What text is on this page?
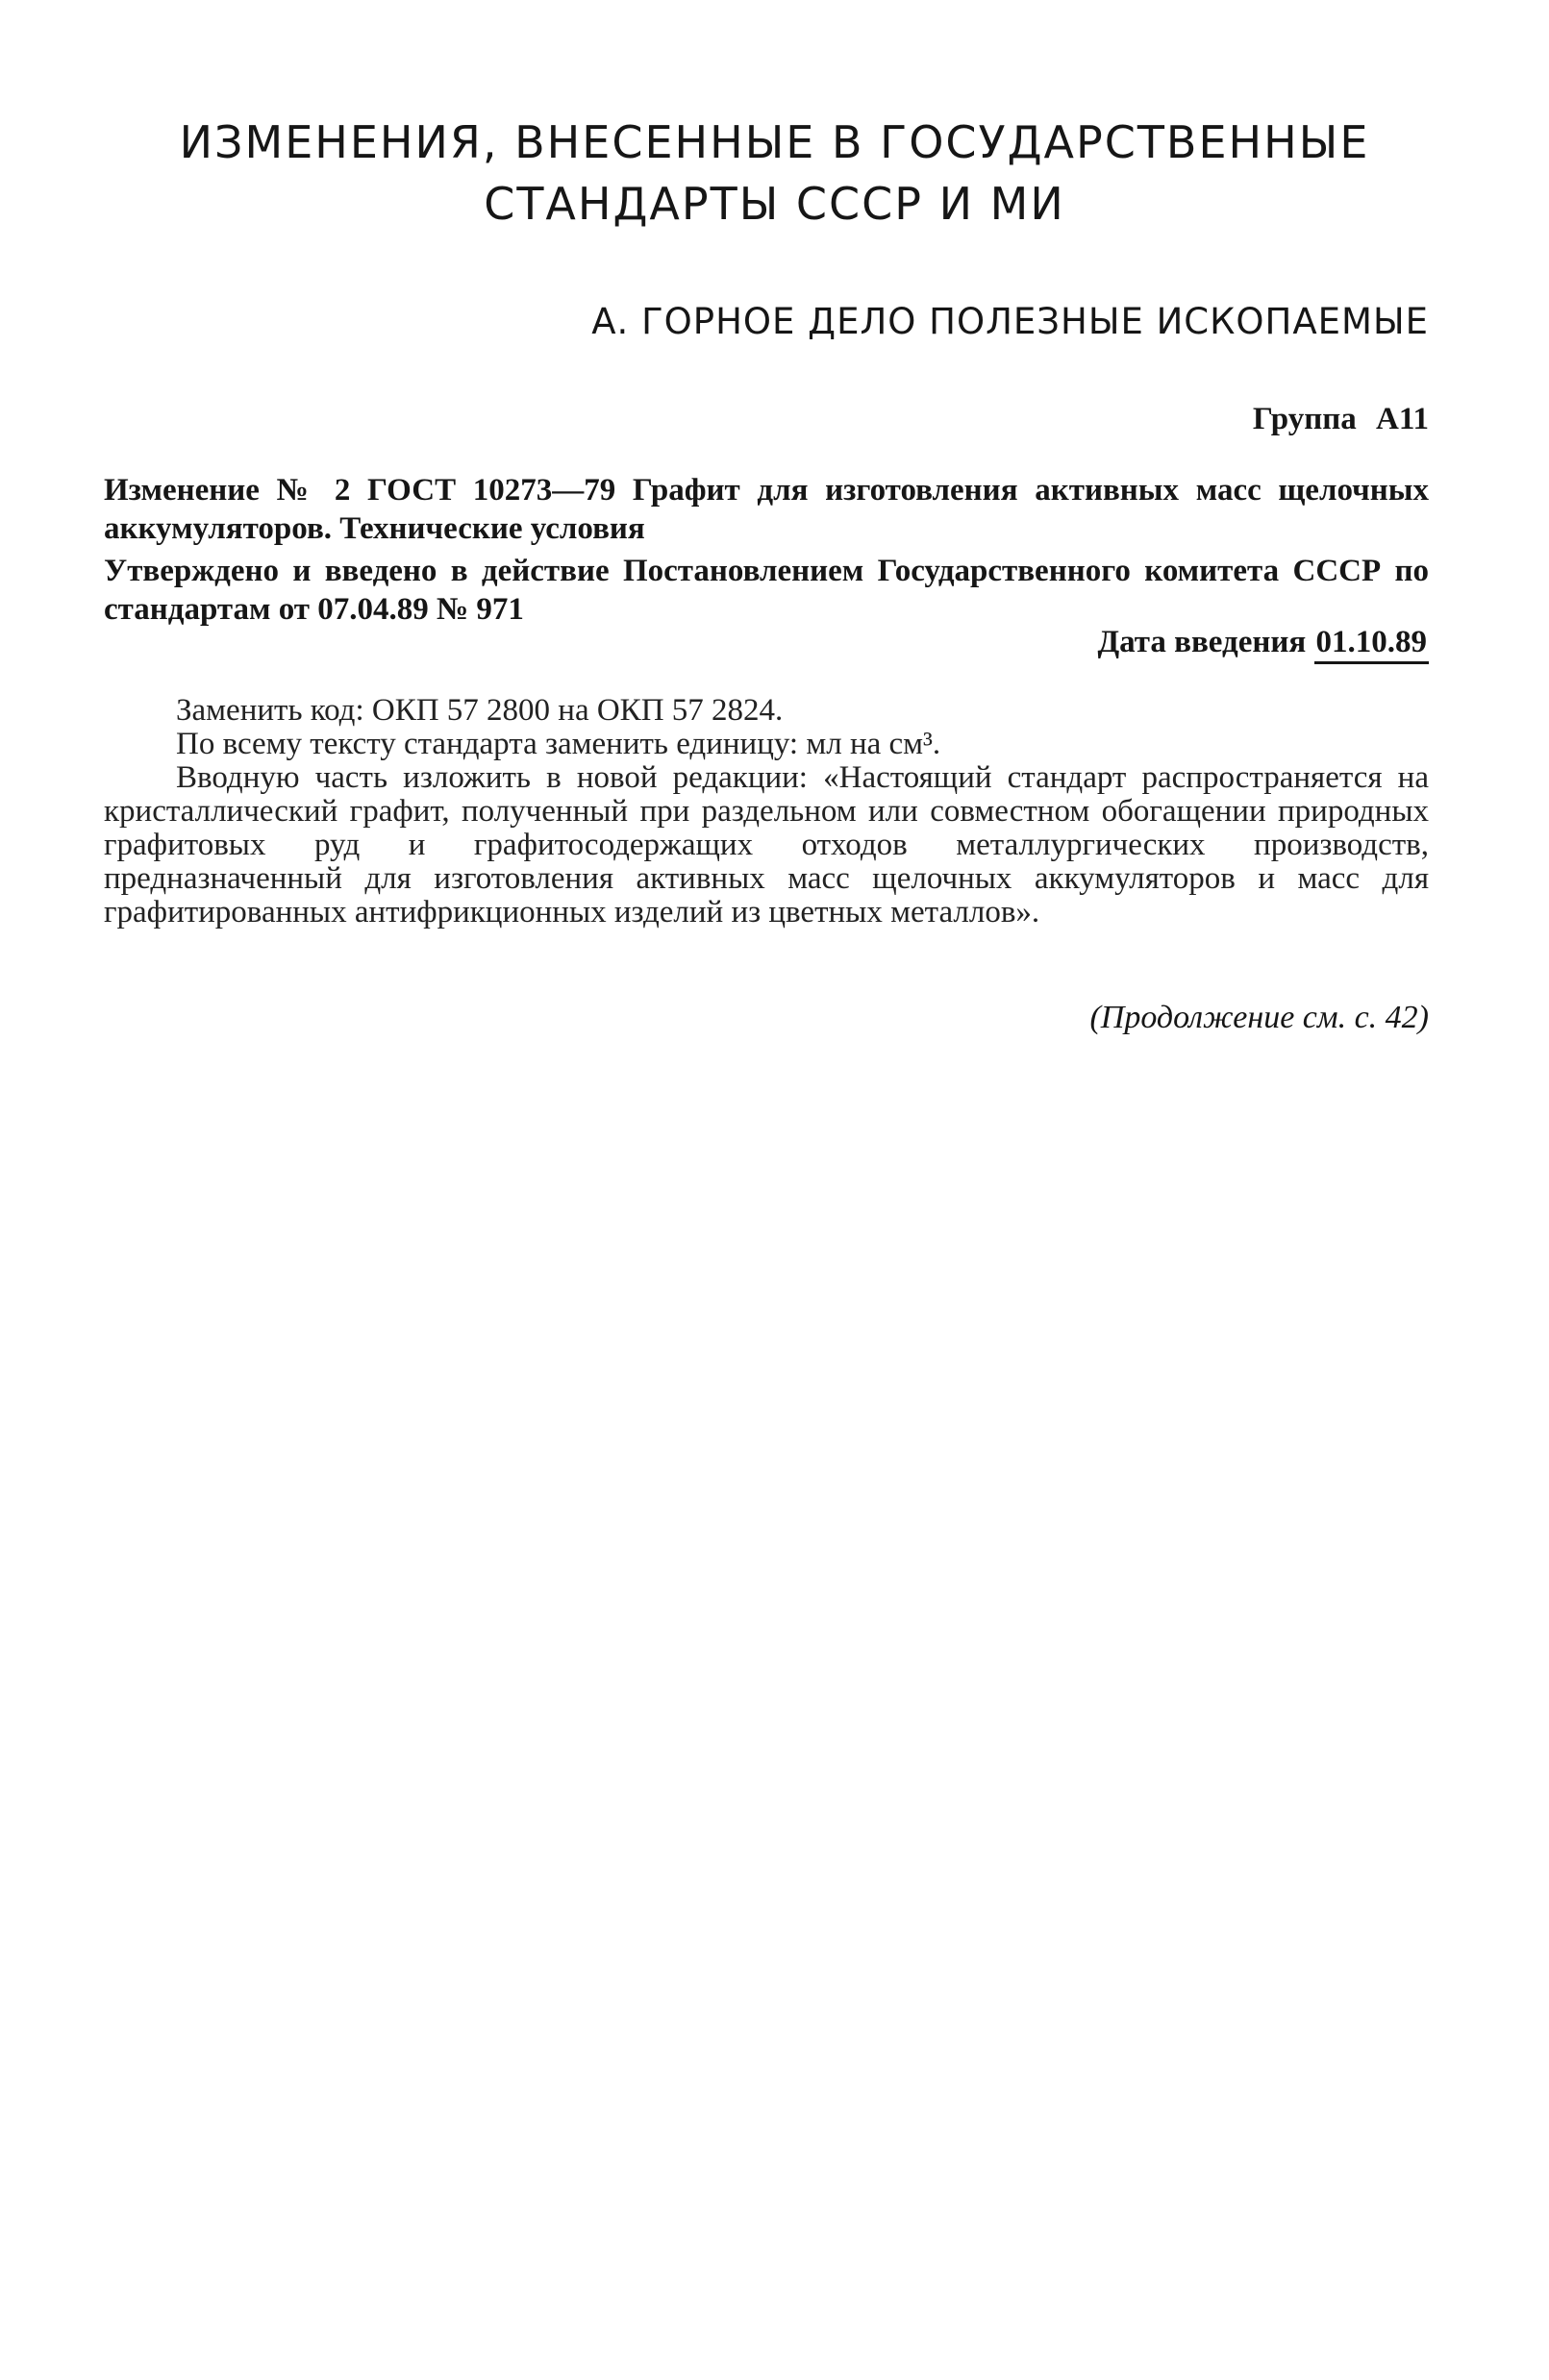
ИЗМЕНЕНИЯ, ВНЕСЕННЫЕ В ГОСУДАРСТВЕННЫЕ
СТАНДАРТЫ СССР И МИ
А. ГОРНОЕ ДЕЛО ПОЛЕЗНЫЕ ИСКОПАЕМЫЕ

Группа А11

Изменение № 2 ГОСТ 10273—79 Графит для изготовления активных масс щелочных аккумуляторов. Технические условия

Утверждено и введено в действие Постановлением Государственного комитета СССР по стандартам от 07.04.89 № 971

Дата введения 01.10.89

Заменить код: ОКП 57 2800 на ОКП 57 2824.

По всему тексту стандарта заменить единицу: мл на см³.

Вводную часть изложить в новой редакции: «Настоящий стандарт распространяется на кристаллический графит, полученный при раздельном или совместном обогащении природных графитовых руд и графитосодержащих отходов металлургических производств, предназначенный для изготовления активных масс щелочных аккумуляторов и масс для графитированных антифрикционных изделий из цветных металлов».

(Продолжение см. с. 42)
